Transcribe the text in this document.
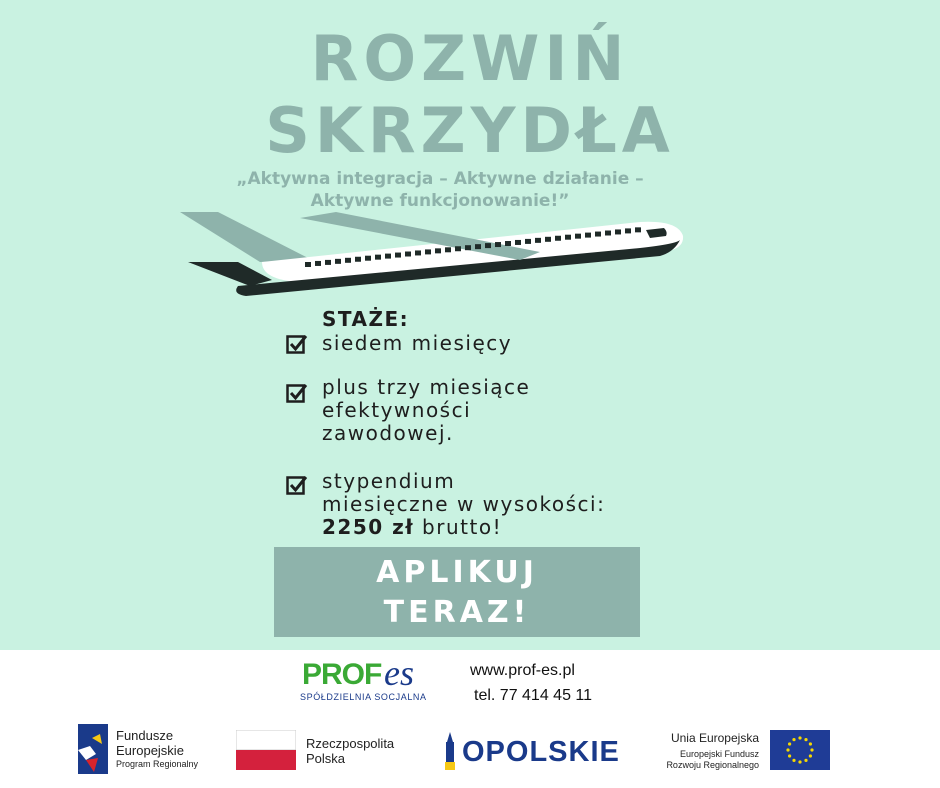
ROZWIŃ
SKRZYDŁA
„Aktywna integracja – Aktywne działanie –
Aktywne funkcjonowanie!”
STAŻE:
siedem miesięcy
plus trzy miesiące
efektywności
zawodowej.
stypendium
miesięczne w wysokości:
2250 zł brutto!
APLIKUJ
TERAZ!
PROF es
SPÓŁDZIELNIA SOCJALNA
www.prof-es.pl
tel. 77 414 45 11
Fundusze
Europejskie
Program Regionalny
Rzeczpospolita
Polska	OPOLSKIE	Unia Europejska
Europejski Fundusz
Rozwoju Regionalnego
